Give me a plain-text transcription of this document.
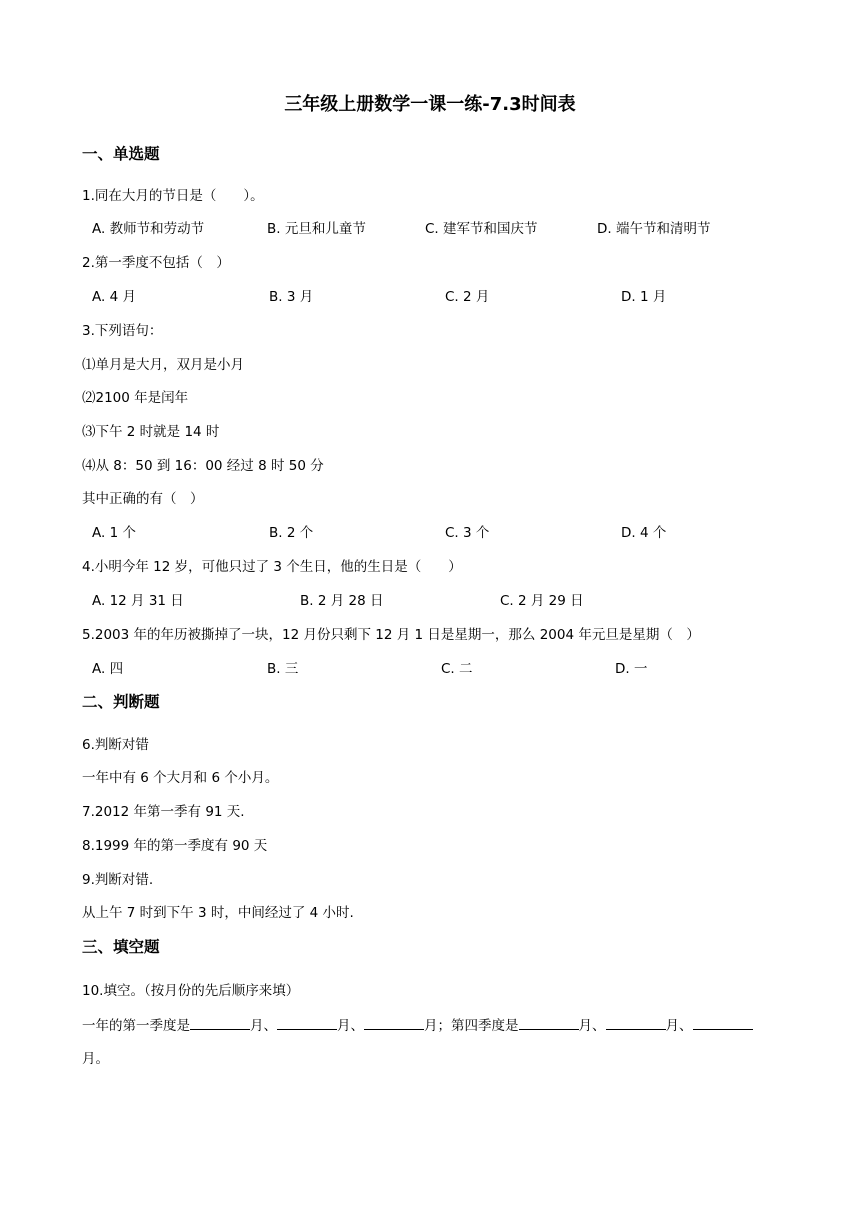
三年级上册数学一课一练-7.3时间表
一、单选题
1.同在大月的节日是（　　）。
A. 教师节和劳动节	B. 元旦和儿童节	C. 建军节和国庆节	D. 端午节和清明节
2.第一季度不包括（　）
A. 4 月	B. 3 月	C. 2 月	D. 1 月
3.下列语句：
⑴单月是大月，双月是小月
⑵2100 年是闰年
⑶下午 2 时就是 14 时
⑷从 8：50 到 16：00 经过 8 时 50 分
其中正确的有（　）
A. 1 个	B. 2 个	C. 3 个	D. 4 个
4.小明今年 12 岁，可他只过了 3 个生日，他的生日是（　　）
A. 12 月 31 日	B. 2 月 28 日	C. 2 月 29 日
5.2003 年的年历被撕掉了一块，12 月份只剩下 12 月 1 日是星期一，那么 2004 年元旦是星期（　）
A. 四	B. 三	C. 二	D. 一
二、判断题
6.判断对错
一年中有 6 个大月和 6 个小月。
7.2012 年第一季有 91 天.
8.1999 年的第一季度有 90 天
9.判断对错.
从上午 7 时到下午 3 时，中间经过了 4 小时.
三、填空题
10.填空。（按月份的先后顺序来填）
一年的第一季度是	月、	月、	月；第四季度是	月、	月、
月。
